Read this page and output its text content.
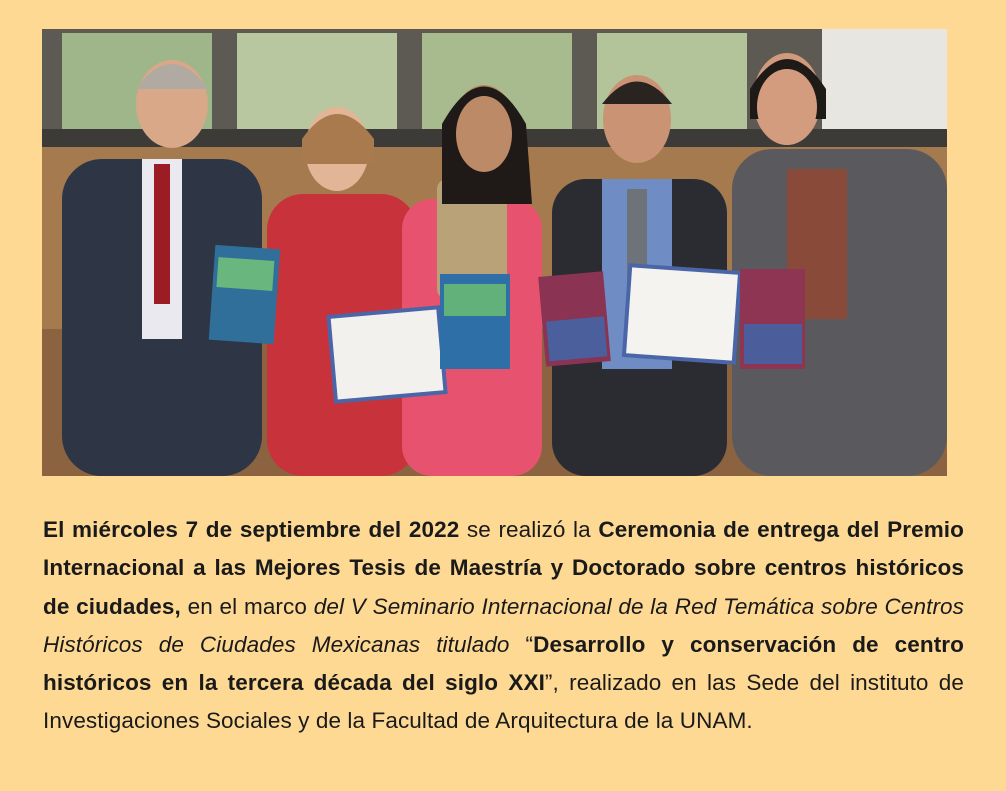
El miércoles 7 de septiembre del 2022 se realizó la Ceremonia de entrega del Premio Internacional a las Mejores Tesis de Maestría y Doctorado sobre centros históricos de ciudades, en el marco del V Seminario Internacional de la Red Temática sobre Centros Históricos de Ciudades Mexicanas titulado “Desarrollo y conservación de centro históricos en la tercera década del siglo XXI”, realizado en las Sede del instituto de Investigaciones Sociales y de la Facultad de Arquitectura de la UNAM.
